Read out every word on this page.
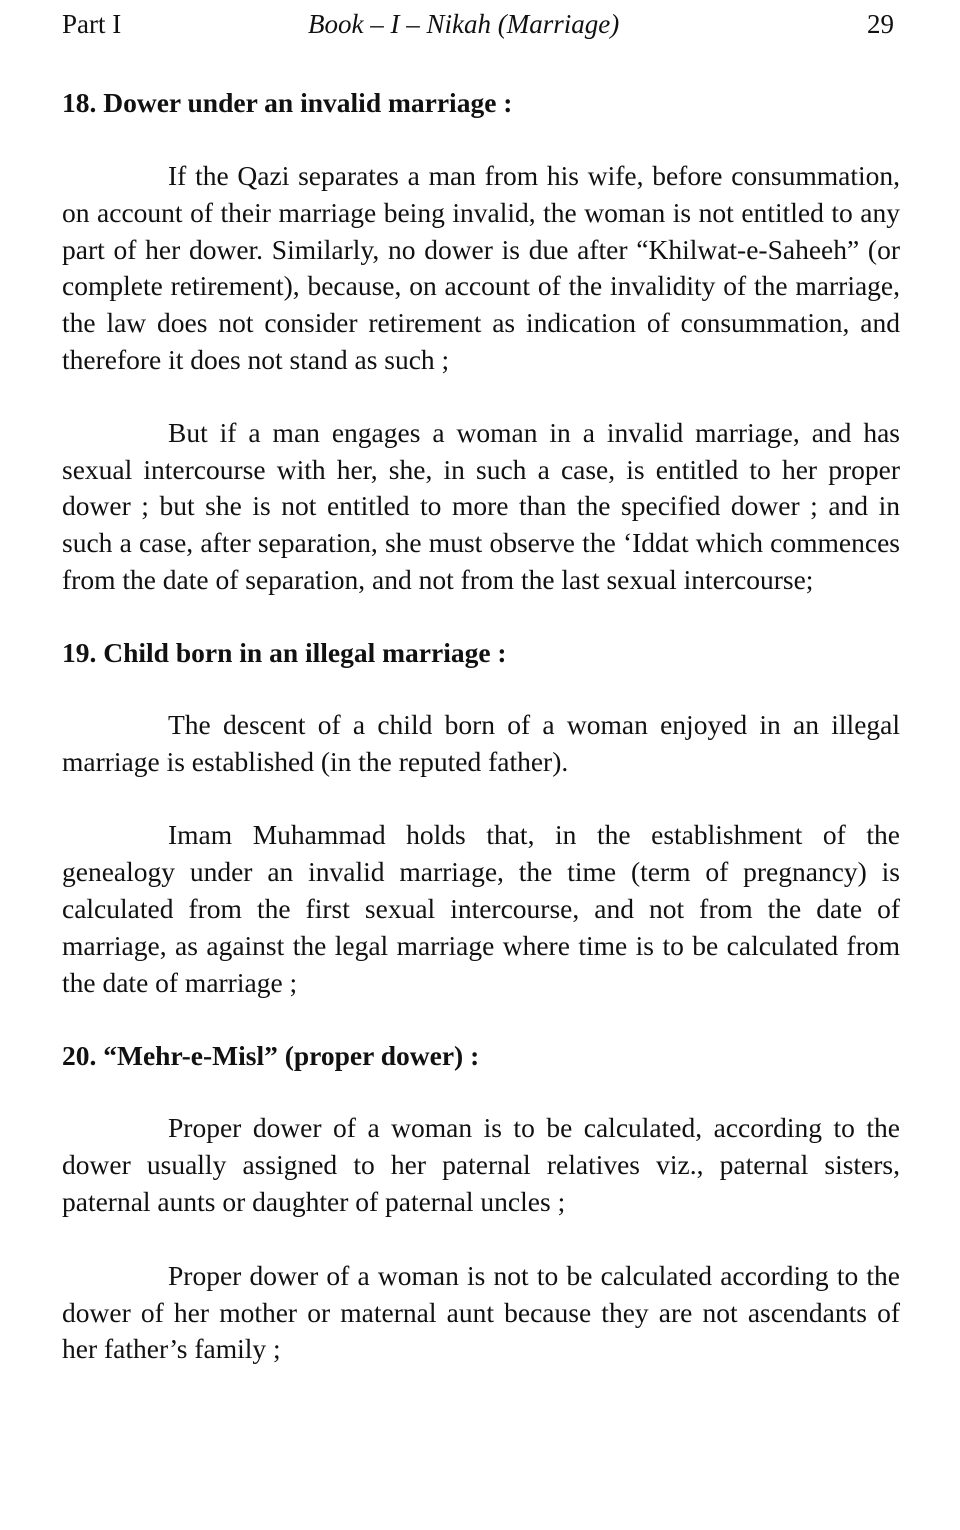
Part I	Book – I – Nikah (Marriage)	29
18. Dower under an invalid marriage :

If the Qazi separates a man from his wife, before consummation, on account of their marriage being invalid, the woman is not entitled to any part of her dower. Similarly, no dower is due after “Khilwat-e-Saheeh” (or complete retirement), because, on account of the invalidity of the marriage, the law does not consider retirement as indication of consummation, and therefore it does not stand as such ;

But if a man engages a woman in a invalid marriage, and has sexual intercourse with her, she, in such a case, is entitled to her proper dower ; but she is not entitled to more than the specified dower ; and in such a case, after separation, she must observe the ‘Iddat which commences from the date of separation, and not from the last sexual intercourse;

19. Child born in an illegal marriage :

The descent of a child born of a woman enjoyed in an illegal marriage is established (in the reputed father).

Imam Muhammad holds that, in the establishment of the genealogy under an invalid marriage, the time (term of pregnancy) is calculated from the first sexual intercourse, and not from the date of marriage, as against the legal marriage where time is to be calculated from the date of marriage ;

20. “Mehr-e-Misl” (proper dower) :

Proper dower of a woman is to be calculated, according to the dower usually assigned to her paternal relatives viz., paternal sisters, paternal aunts or daughter of paternal uncles ;

Proper dower of a woman is not to be calculated according to the dower of her mother or maternal aunt because they are not ascendants of her father’s family ;
